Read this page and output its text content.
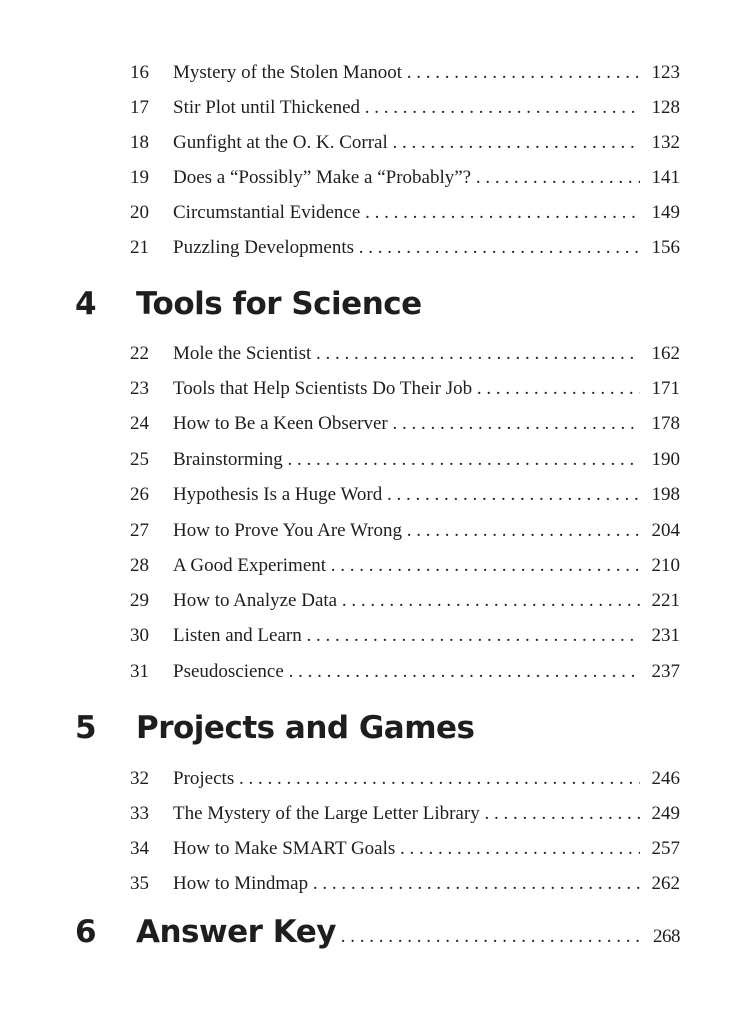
16 Mystery of the Stolen Manoot . . .	123
17 Stir Plot until Thickened . . .	128
18 Gunfight at the O. K. Corral . . .	132
19 Does a “Possibly” Make a “Probably”? . . .	141
20 Circumstantial Evidence . . .	149
21 Puzzling Developments . . .	156
4 Tools for Science
22 Mole the Scientist . . .	162
23 Tools that Help Scientists Do Their Job . . .	171
24 How to Be a Keen Observer . . .	178
25 Brainstorming . . .	190
26 Hypothesis Is a Huge Word . . .	198
27 How to Prove You Are Wrong . . .	204
28 A Good Experiment . . .	210
29 How to Analyze Data . . .	221
30 Listen and Learn . . .	231
31 Pseudoscience . . .	237
5 Projects and Games
32 Projects . . .	246
33 The Mystery of the Large Letter Library . . .	249
34 How to Make SMART Goals . . .	257
35 How to Mindmap . . .	262
6 Answer Key . . .	268
